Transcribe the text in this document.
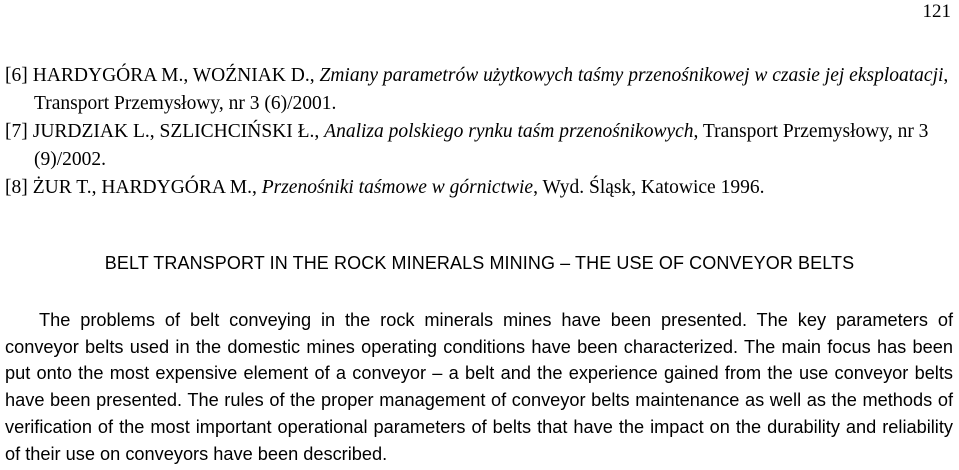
121

[6] HARDYGÓRA M., WOŹNIAK D., Zmiany parametrów użytkowych taśmy przenośnikowej w czasie jej eksploatacji, Transport Przemysłowy, nr 3 (6)/2001.

[7] JURDZIAK L., SZLICHCIŃSKI Ł., Analiza polskiego rynku taśm przenośnikowych, Transport Przemysłowy, nr 3 (9)/2002.

[8] ŻUR T., HARDYGÓRA M., Przenośniki taśmowe w górnictwie, Wyd. Śląsk, Katowice 1996.

BELT TRANSPORT IN THE ROCK MINERALS MINING – THE USE OF CONVEYOR BELTS

The problems of belt conveying in the rock minerals mines have been presented. The key parameters of conveyor belts used in the domestic mines operating conditions have been characterized. The main focus has been put onto the most expensive element of a conveyor – a belt and the experience gained from the use conveyor belts have been presented. The rules of the proper management of conveyor belts maintenance as well as the methods of verification of the most important operational parameters of belts that have the impact on the durability and reliability of their use on conveyors have been described.
